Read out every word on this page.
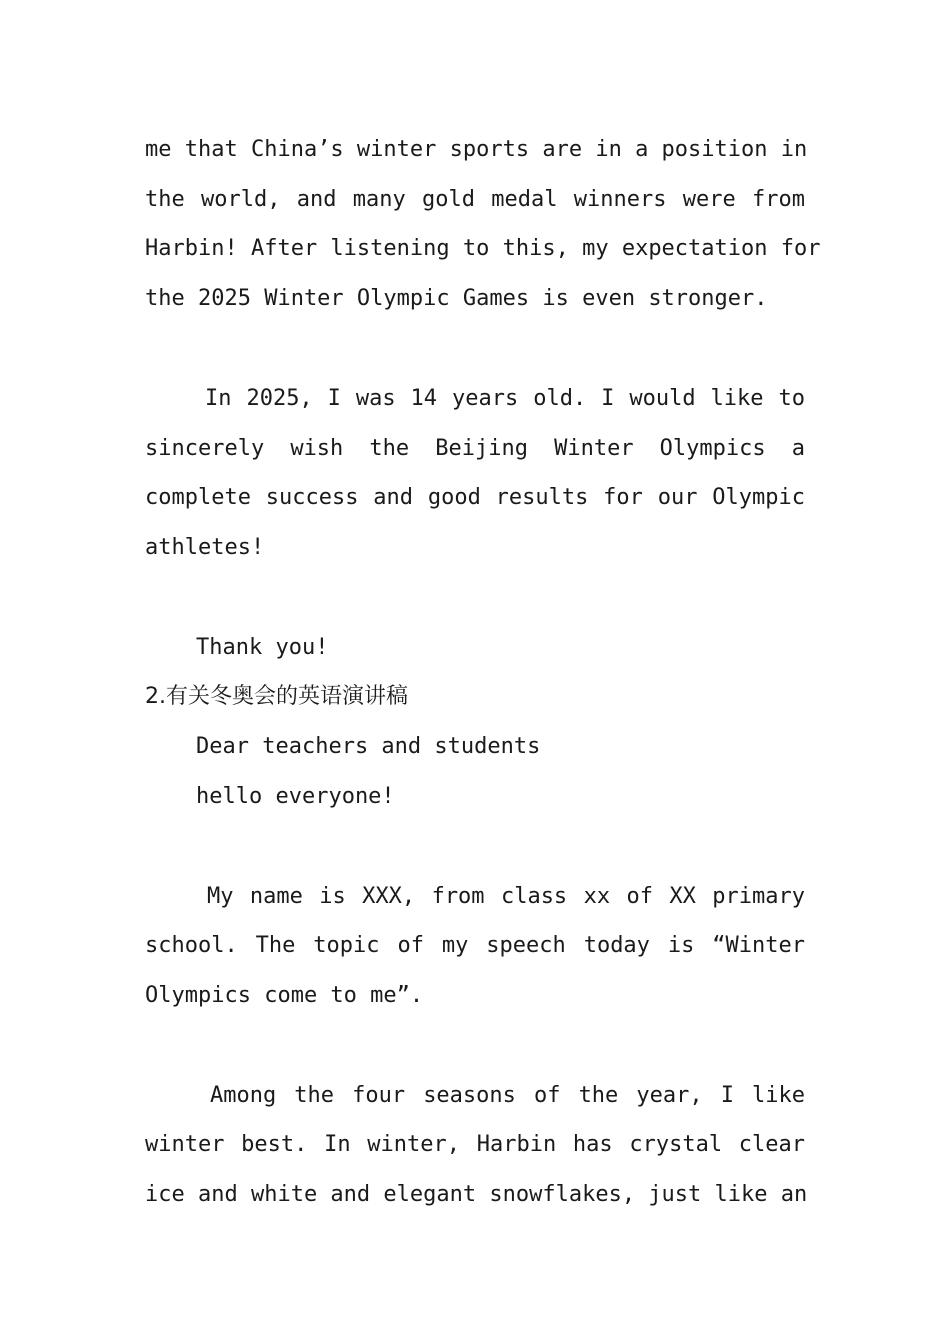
me that China’s winter sports are in a position in
the world, and many gold medal winners were from
Harbin! After listening to this, my expectation for
the 2025 Winter Olympic Games is even stronger.
In 2025, I was 14 years old. I would like to
sincerely wish the Beijing Winter Olympics a
complete success and good results for our Olympic
athletes!
Thank you!
2.有关冬奥会的英语演讲稿
Dear teachers and students
hello everyone!
My name is XXX, from class xx of XX primary
school. The topic of my speech today is “Winter
Olympics come to me”.
Among the four seasons of the year, I like
winter best. In winter, Harbin has crystal clear
ice and white and elegant snowflakes, just like an
